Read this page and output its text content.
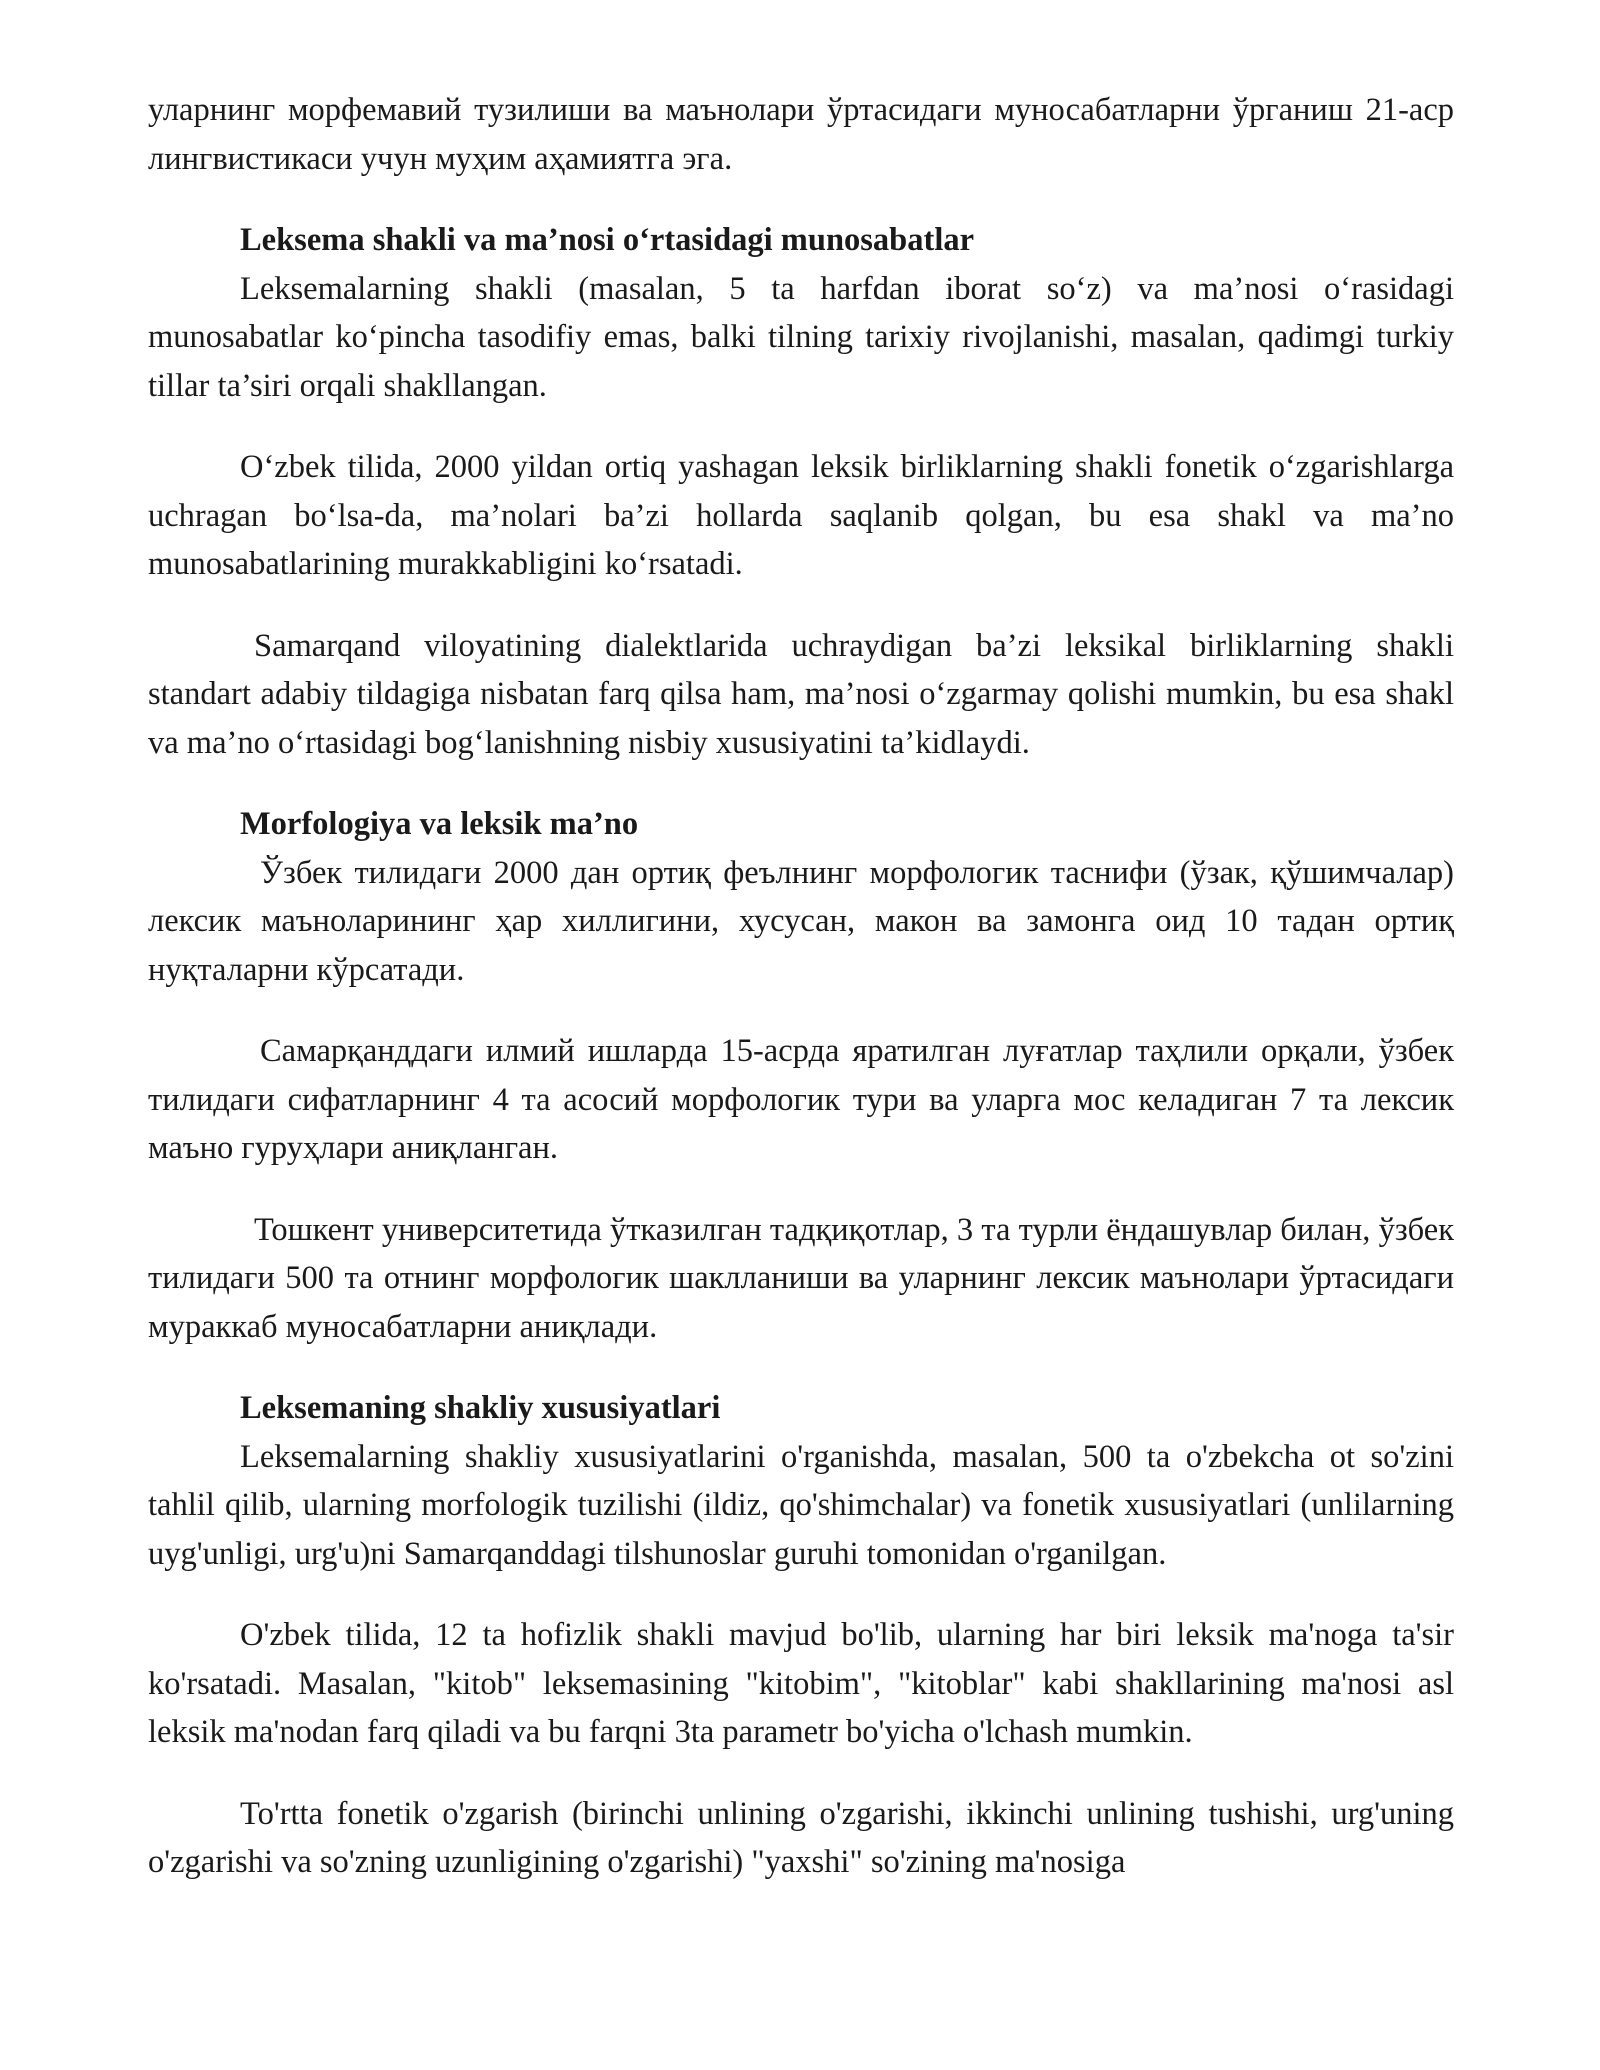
уларнинг морфемавий тузилиши ва маънолари ўртасидаги муносабатларни ўрганиш 21-аср лингвистикаси учун муҳим аҳамиятга эга.

Leksema shakli va ma’nosi oʻrtasidagi munosabatlar

Leksemalarning shakli (masalan, 5 ta harfdan iborat soʻz) va ma’nosi oʻrasidagi munosabatlar koʻpincha tasodifiy emas, balki tilning tarixiy rivojlanishi, masalan, qadimgi turkiy tillar ta’siri orqali shakllangan.

Oʻzbek tilida, 2000 yildan ortiq yashagan leksik birliklarning shakli fonetik oʻzgarishlarga uchragan boʻlsa-da, ma’nolari ba’zi hollarda saqlanib qolgan, bu esa shakl va ma’no munosabatlarining murakkabligini koʻrsatadi.

Samarqand viloyatining dialektlarida uchraydigan ba’zi leksikal birliklarning shakli standart adabiy tildagiga nisbatan farq qilsa ham, ma’nosi oʻzgarmay qolishi mumkin, bu esa shakl va ma’no oʻrtasidagi bogʻlanishning nisbiy xususiyatini ta’kidlaydi.

Morfologiya va leksik ma’no

Ўзбек тилидаги 2000 дан ортиқ феълнинг морфологик таснифи (ўзак, қўшимчалар) лексик маъноларининг ҳар хиллигини, хусусан, макон ва замонга оид 10 тадан ортиқ нуқталарни кўрсатади.

Самарқанддаги илмий ишларда 15-асрда яратилган луғатлар таҳлили орқали, ўзбек тилидаги сифатларнинг 4 та асосий морфологик тури ва уларга мос келадиган 7 та лексик маъно гуруҳлари аниқланган.

Тошкент университетида ўтказилган тадқиқотлар, 3 та турли ёндашувлар билан, ўзбек тилидаги 500 та отнинг морфологик шаклланиши ва уларнинг лексик маънолари ўртасидаги мураккаб муносабатларни аниқлади.

Leksemaning shakliy xususiyatlari

Leksemalarning shakliy xususiyatlarini o'rganishda, masalan, 500 ta o'zbekcha ot so'zini tahlil qilib, ularning morfologik tuzilishi (ildiz, qo'shimchalar) va fonetik xususiyatlari (unlilarning uyg'unligi, urg'u)ni Samarqanddagi tilshunoslar guruhi tomonidan o'rganilgan.

O'zbek tilida, 12 ta hofizlik shakli mavjud bo'lib, ularning har biri leksik ma'noga ta'sir ko'rsatadi. Masalan, "kitob" leksemasining "kitobim", "kitoblar" kabi shakllarining ma'nosi asl leksik ma'nodan farq qiladi va bu farqni 3ta parametr bo'yicha o'lchash mumkin.

To'rtta fonetik o'zgarish (birinchi unlining o'zgarishi, ikkinchi unlining tushishi, urg'uning o'zgarishi va so'zning uzunligining o'zgarishi) "yaxshi" so'zining ma'nosiga
